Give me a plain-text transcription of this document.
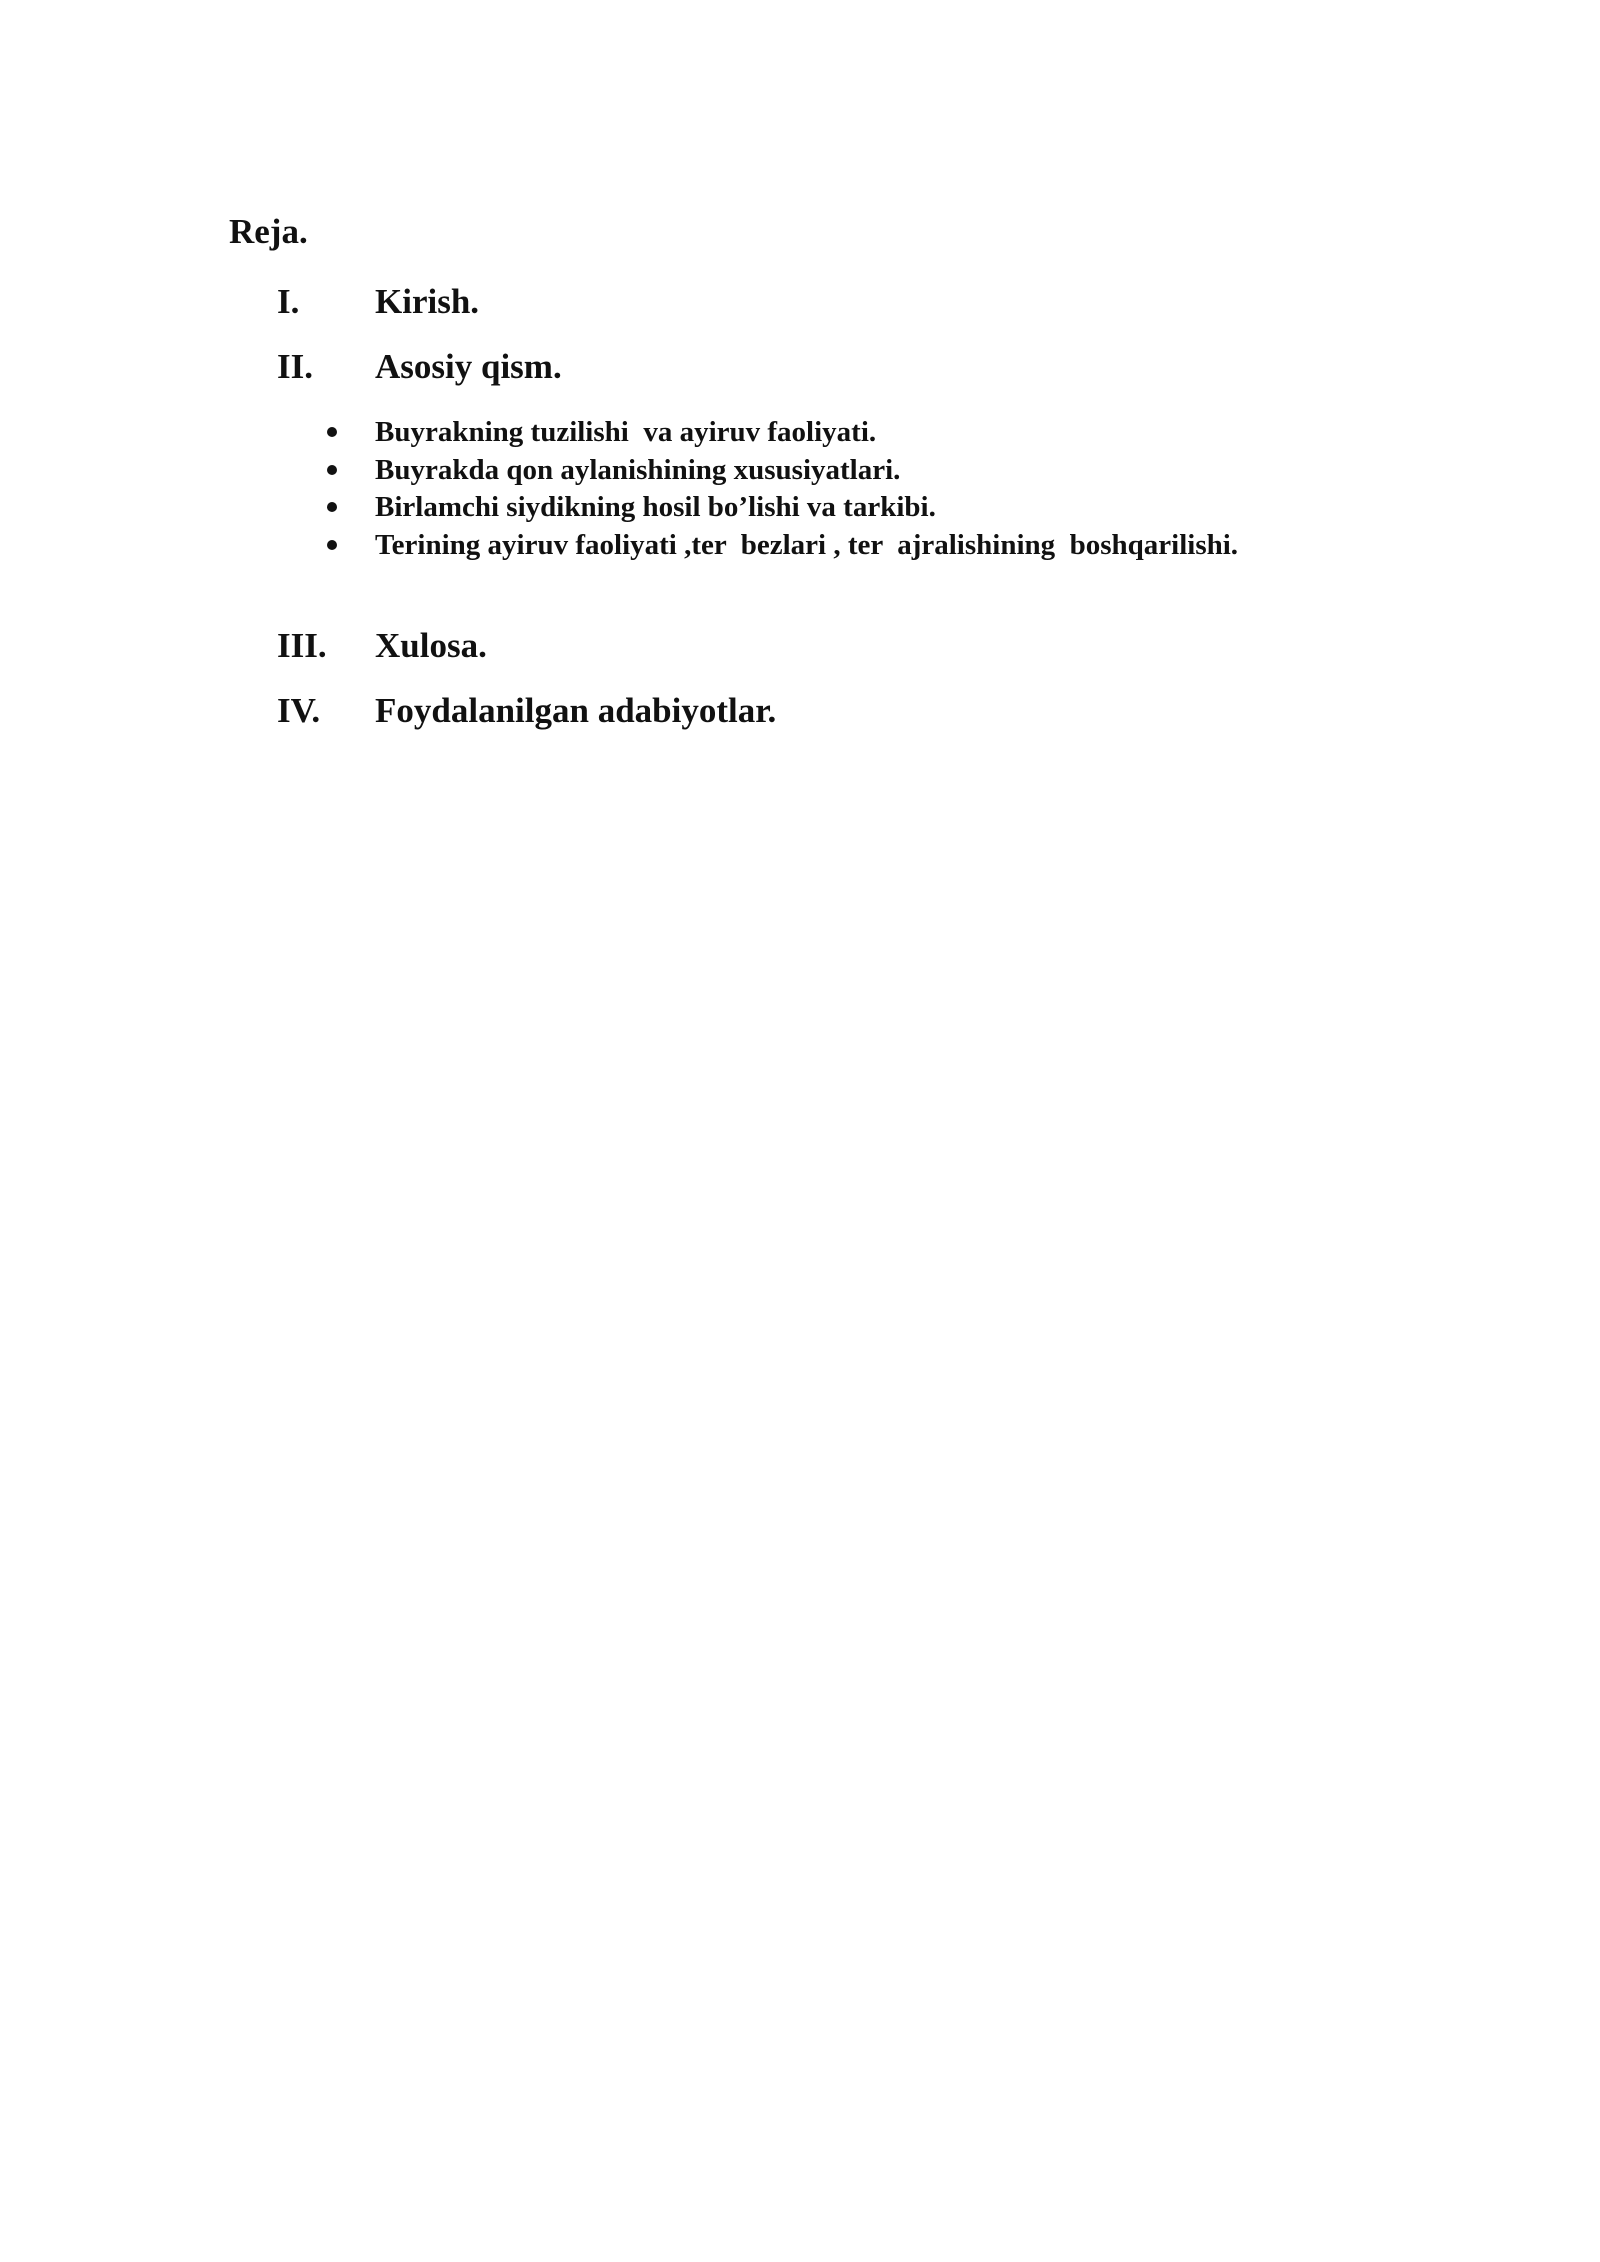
Reja.
I. Kirish.
II. Asosiy qism.
Buyrakning tuzilishi  va ayiruv faoliyati.
Buyrakda qon aylanishining xususiyatlari.
Birlamchi siydikning hosil bo’lishi va tarkibi.
Terining ayiruv faoliyati ,ter  bezlari , ter  ajralishining  boshqarilishi.
III. Xulosa.
IV. Foydalanilgan adabiyotlar.
